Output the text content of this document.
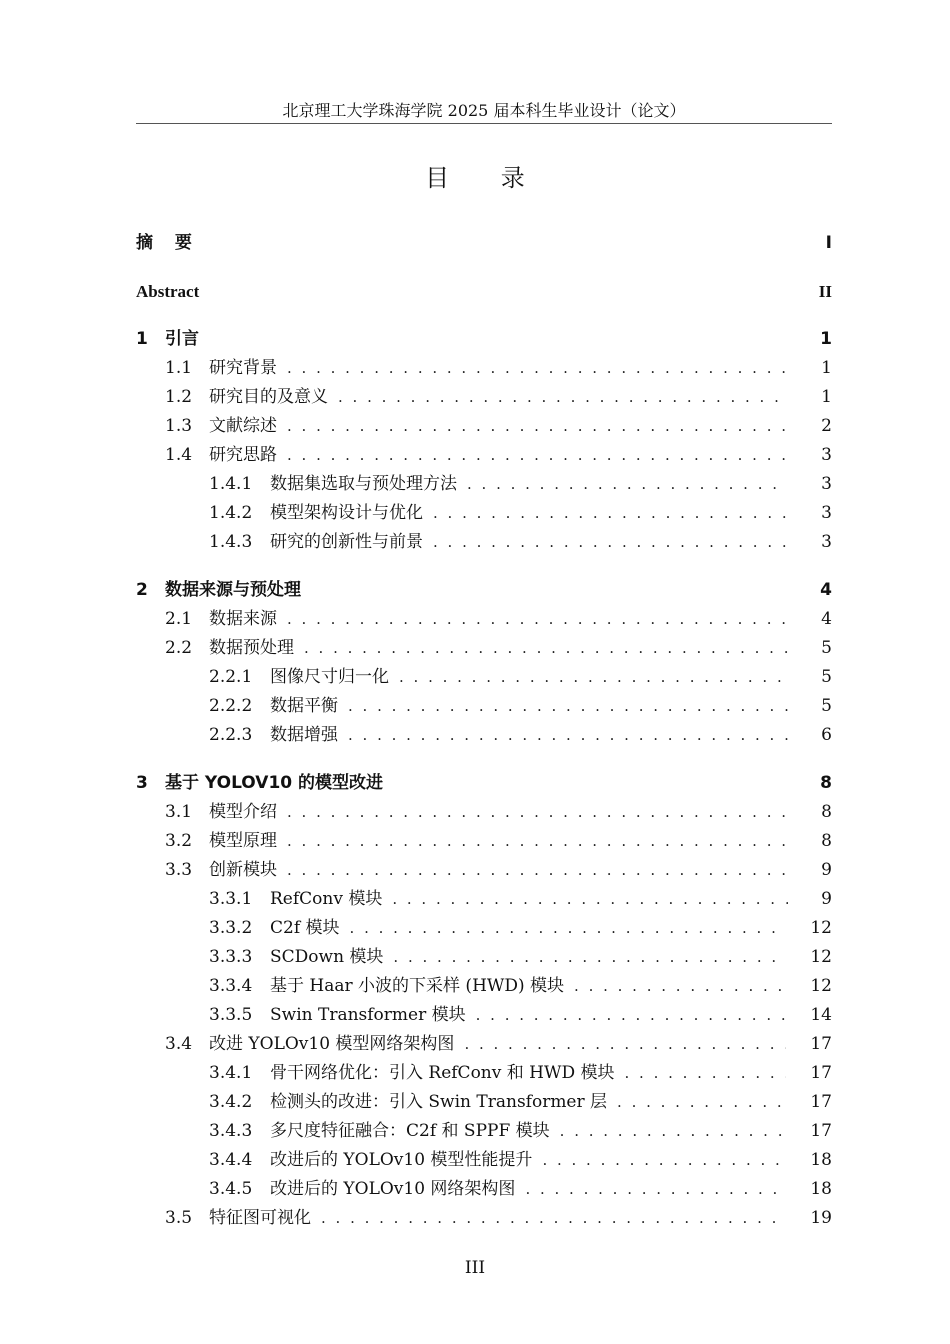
北京理工大学珠海学院 2025 届本科生毕业设计（论文）
目 录
摘 要	I
Abstract	II
1	引言	1
1.1 研究背景 . . .	1
1.2 研究目的及意义 . . .	1
1.3 文献综述 . . .	2
1.4 研究思路 . . .	3
1.4.1	数据集选取与预处理方法 . . .	3
1.4.2	模型架构设计与优化 . . .	3
1.4.3	研究的创新性与前景 . . .	3
2	数据来源与预处理	4
2.1 数据来源 . . .	4
2.2 数据预处理 . . .	5
2.2.1	图像尺寸归一化 . . .	5
2.2.2	数据平衡 . . .	5
2.2.3	数据增强 . . .	6
3	基于 YOLOV10 的模型改进	8
3.1 模型介绍 . . .	8
3.2 模型原理 . . .	8
3.3 创新模块 . . .	9
3.3.1	RefConv 模块 . . .	9
3.3.2	C2f 模块 . . .	12
3.3.3	SCDown 模块 . . .	12
3.3.4	基于 Haar 小波的下采样 (HWD) 模块 . . .	12
3.3.5	Swin Transformer 模块 . . .	14
3.4 改进 YOLOv10 模型网络架构图 . . .	17
3.4.1	骨干网络优化：引入 RefConv 和 HWD 模块 . . .	17
3.4.2	检测头的改进：引入 Swin Transformer 层 . . .	17
3.4.3	多尺度特征融合：C2f 和 SPPF 模块 . . .	17
3.4.4	改进后的 YOLOv10 模型性能提升 . . .	18
3.4.5	改进后的 YOLOv10 网络架构图 . . .	18
3.5 特征图可视化 . . .	19
III
